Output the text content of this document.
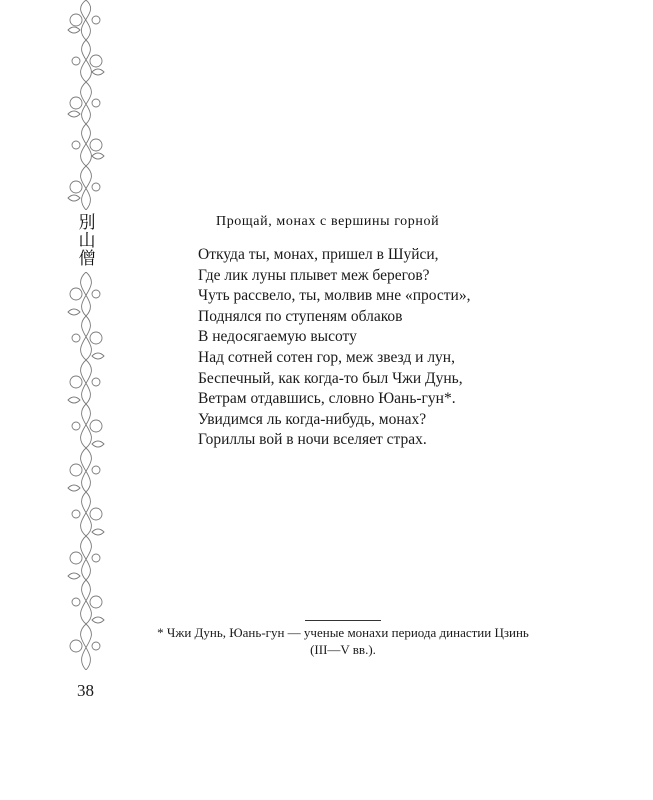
別
山
僧
Прощай, монах с вершины горной
Откуда ты, монах, пришел в Шуйси,
Где лик луны плывет меж берегов?
Чуть рассвело, ты, молвив мне «прости»,
Поднялся по ступеням облаков
В недосягаемую высоту
Над сотней сотен гор, меж звезд и лун,
Беспечный, как когда-то был Чжи Дунь,
Ветрам отдавшись, словно Юань-гун*.
Увидимся ль когда-нибудь, монах?
Гориллы вой в ночи вселяет страх.
* Чжи Дунь, Юань-гун — ученые монахи периода династии Цзинь
(III—V вв.).
38
